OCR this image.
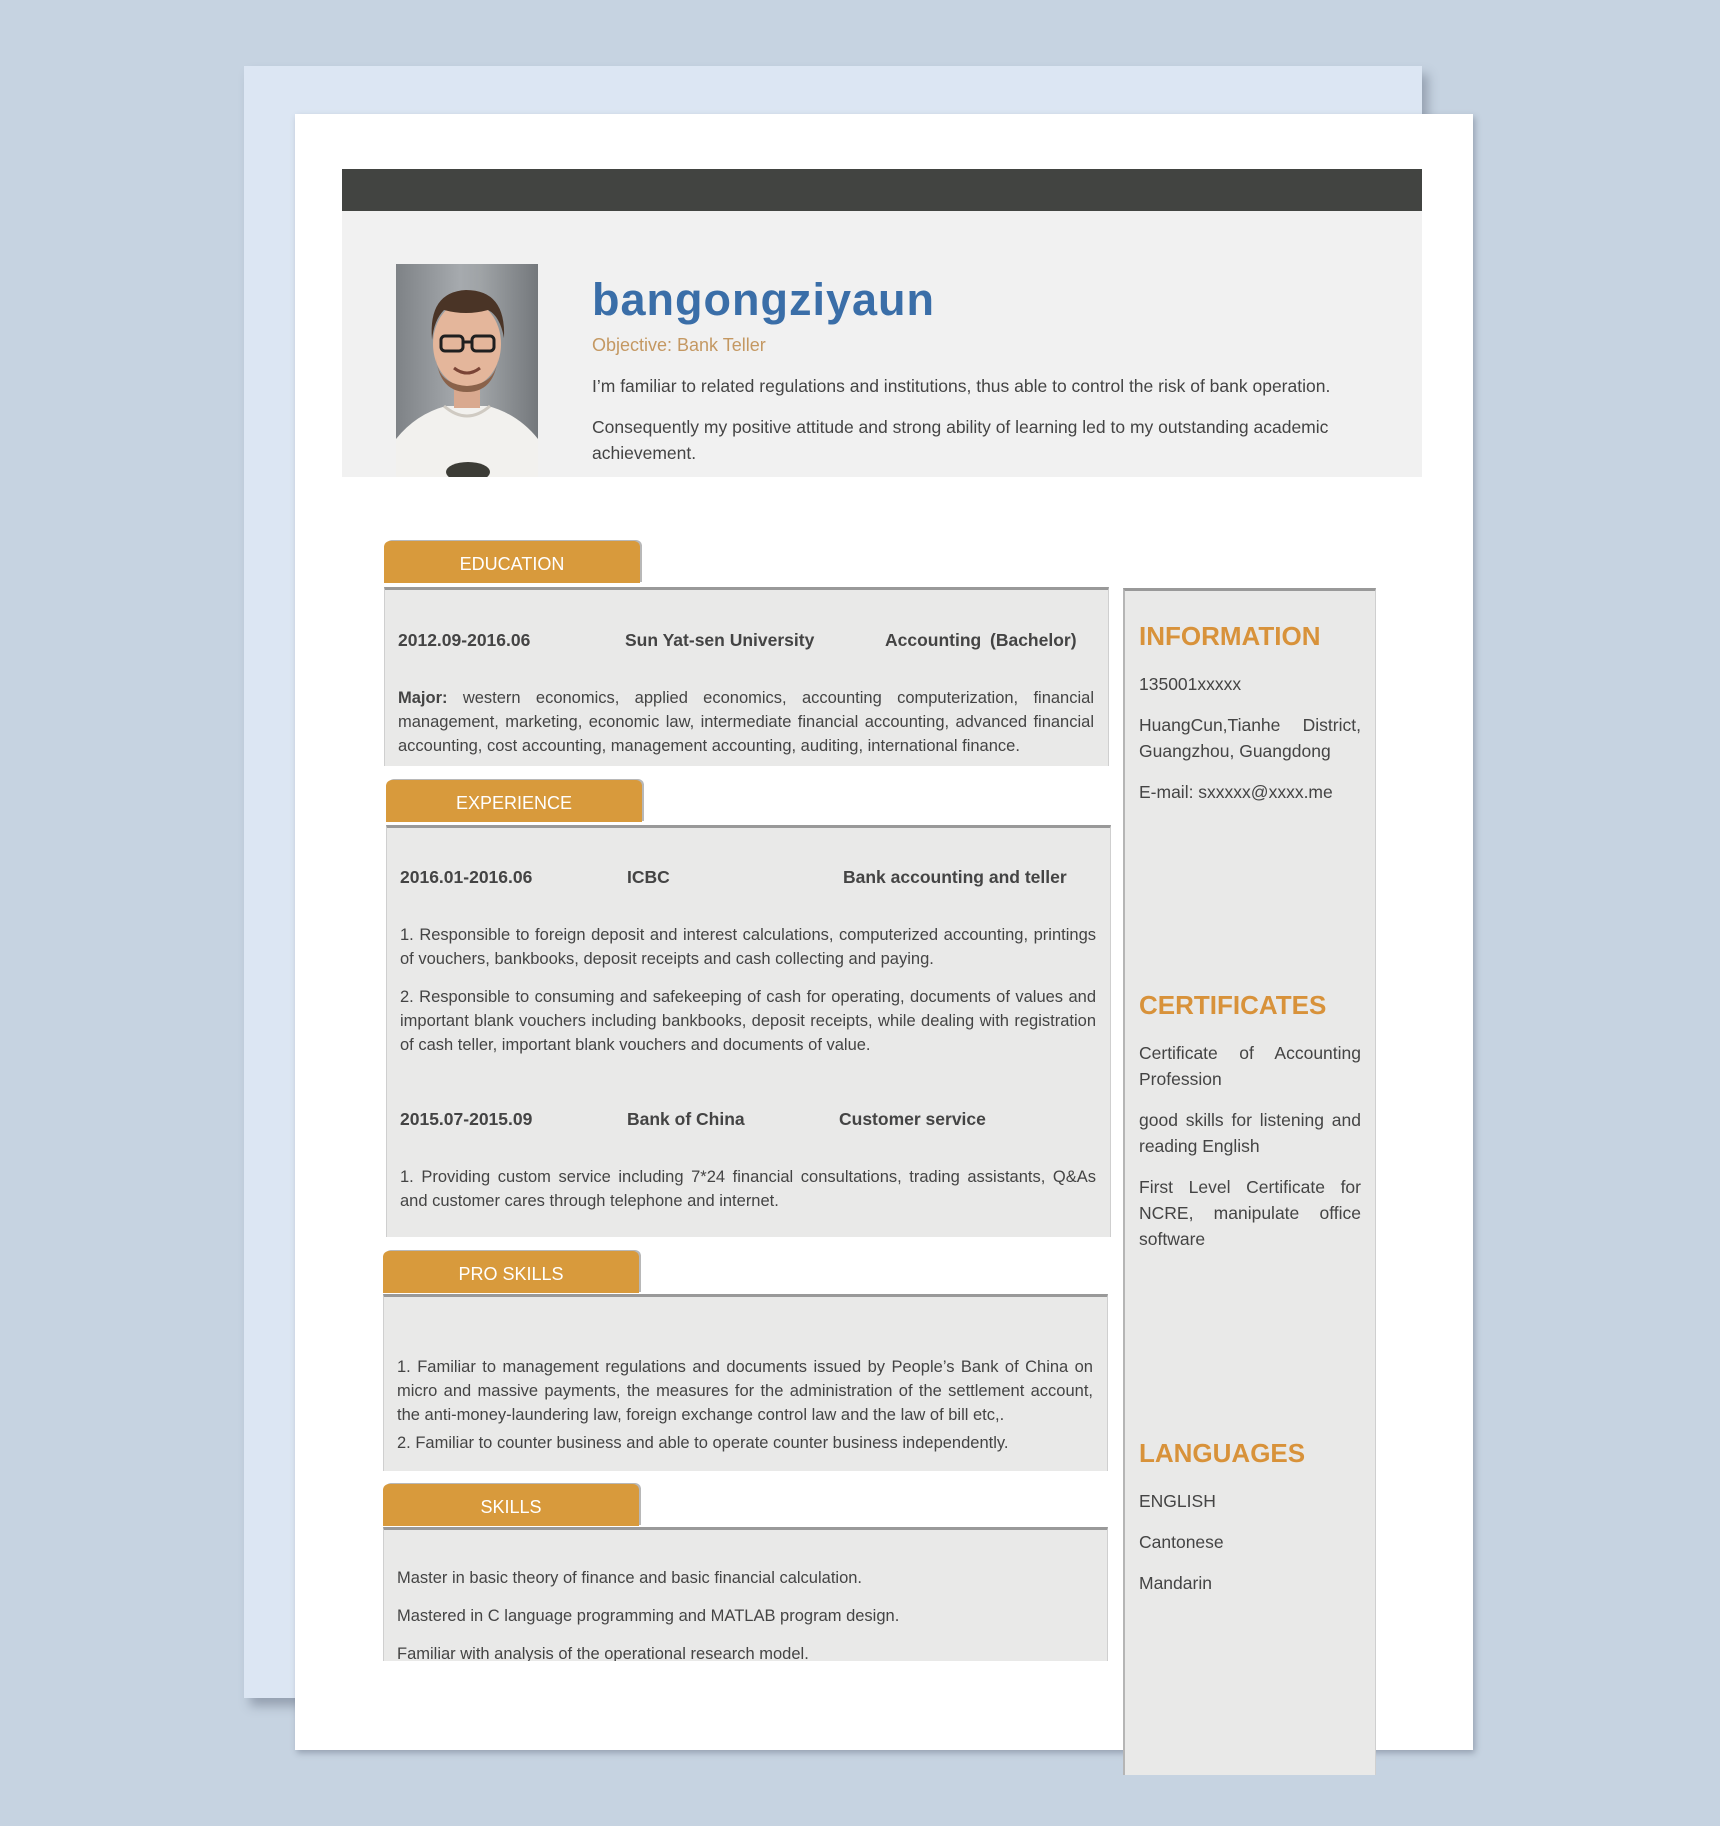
bangongziyaun
Objective: Bank Teller
I’m familiar to related regulations and institutions, thus able to control the risk of bank operation.
Consequently my positive attitude and strong ability of learning led to my outstanding academic achievement.
EDUCATION
2012.09-2016.06	Sun Yat-sen University	Accounting (Bachelor)
Major: western economics, applied economics, accounting computerization, financial management, marketing, economic law, intermediate financial accounting, advanced financial accounting, cost accounting, management accounting, auditing, international finance.
EXPERIENCE
2016.01-2016.06	ICBC	Bank accounting and teller
1. Responsible to foreign deposit and interest calculations, computerized accounting, printings of vouchers, bankbooks, deposit receipts and cash collecting and paying.
2. Responsible to consuming and safekeeping of cash for operating, documents of values and important blank vouchers including bankbooks, deposit receipts, while dealing with registration of cash teller, important blank vouchers and documents of value.
2015.07-2015.09	Bank of China	Customer service
1. Providing custom service including 7*24 financial consultations, trading assistants, Q&As and customer cares through telephone and internet.
PRO SKILLS
1. Familiar to management regulations and documents issued by People’s Bank of China on micro and massive payments, the measures for the administration of the settlement account, the anti-money-laundering law, foreign exchange control law and the law of bill etc,.
2. Familiar to counter business and able to operate counter business independently.
SKILLS
Master in basic theory of finance and basic financial calculation.
Mastered in C language programming and MATLAB program design.
Familiar with analysis of the operational research model.
INFORMATION
135001xxxxx
HuangCun,Tianhe District, Guangzhou, Guangdong
E-mail: sxxxxx@xxxx.me
CERTIFICATES
Certificate of Accounting Profession
good skills for listening and reading English
First Level Certificate for NCRE, manipulate office software
LANGUAGES
ENGLISH
Cantonese
Mandarin
